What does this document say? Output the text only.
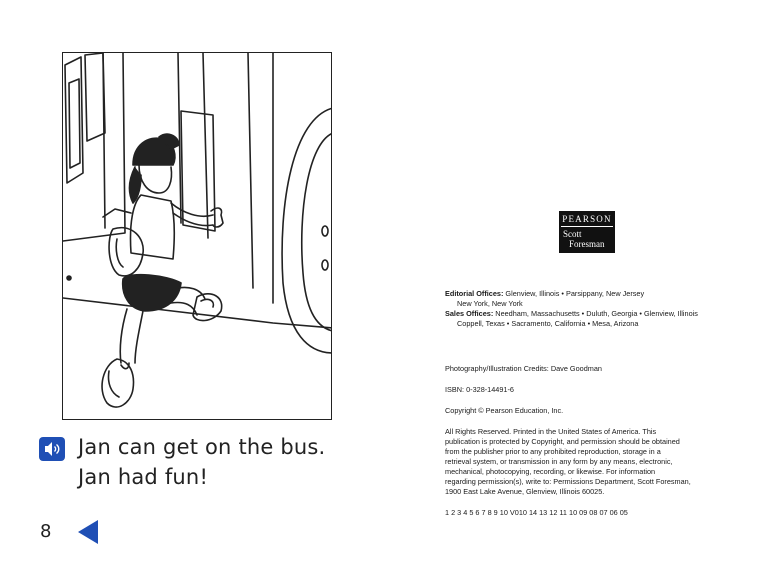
Jan can get on the bus.
Jan had fun!
8
PEARSON
Scott
Foresman
Editorial Offices: Glenview, Illinois • Parsippany, New Jersey
New York, New York
Sales Offices: Needham, Massachusetts • Duluth, Georgia • Glenview, Illinois
Coppell, Texas • Sacramento, California • Mesa, Arizona
Photography/Illustration Credits: Dave Goodman
ISBN: 0-328-14491-6
Copyright © Pearson Education, Inc.
All Rights Reserved. Printed in the United States of America. This
publication is protected by Copyright, and permission should be obtained
from the publisher prior to any prohibited reproduction, storage in a
retrieval system, or transmission in any form by any means, electronic,
mechanical, photocopying, recording, or likewise. For information
regarding permission(s), write to: Permissions Department, Scott Foresman,
1900 East Lake Avenue, Glenview, Illinois 60025.
1 2 3 4 5 6 7 8 9 10 V010 14 13 12 11 10 09 08 07 06 05
